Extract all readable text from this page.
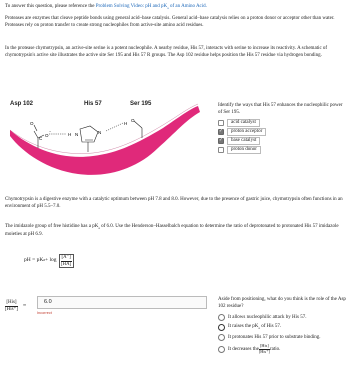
To answer this question, please reference the Problem Solving Video: pH and $pK_a$ of an Amino Acid.

Proteases are enzymes that cleave peptide bonds using general acid–base catalysis. General acid–base catalysis relies on a proton donor or acceptor other than water. Proteases rely on proton transfer to create strong nucleophiles from active-site amino acid residues.

In the protease chymotrypsin, an active-site serine is a potent nucleophile. A nearby residue, His 57, interacts with serine to increase its reactivity. A schematic of chymotrypsin's active site illustrates the active site Ser 195 and His 57 R groups. The Asp 102 residue helps position the His 57 residue via hydrogen bonding.

C
O
O
−	H N	N
H
O
Asp 102	His 57	Ser 195	Identify the ways that His 57 enhances the nucleophilic power of Ser 195.

acid catalyst
✓	proton acceptor
✓	base catalyst
proton donor

Chymotrypsin is a digestive enzyme with a catalytic optimum between pH 7.8 and 8.0. However, due to the presence of gastric juice, chymotrypsin often functions in an environment of pH 5.5–7.0.

The imidazole group of free histidine has a $pK_a$ of 6.0. Use the Henderson–Hasselbalch equation to determine the ratio of deprotonated to protonated His 57 imidazole moieties at pH 6.9.

pH = pK $a + \log \frac{[A^-]}{[HA]}$
$\frac{\text{[His]}}{\text{[His⁺]}}$ =
6.0
Incorrect

Aside from positioning, what do you think is the role of the Asp 102 residue?

It allows nucleophilic attack by His 57.
It raises the $pK_a$ of His 57.
It protonates His 57 prior to substrate binding.
It decreases the $\frac{\text{[His]}}{\text{[His⁺]}}$ ratio.
